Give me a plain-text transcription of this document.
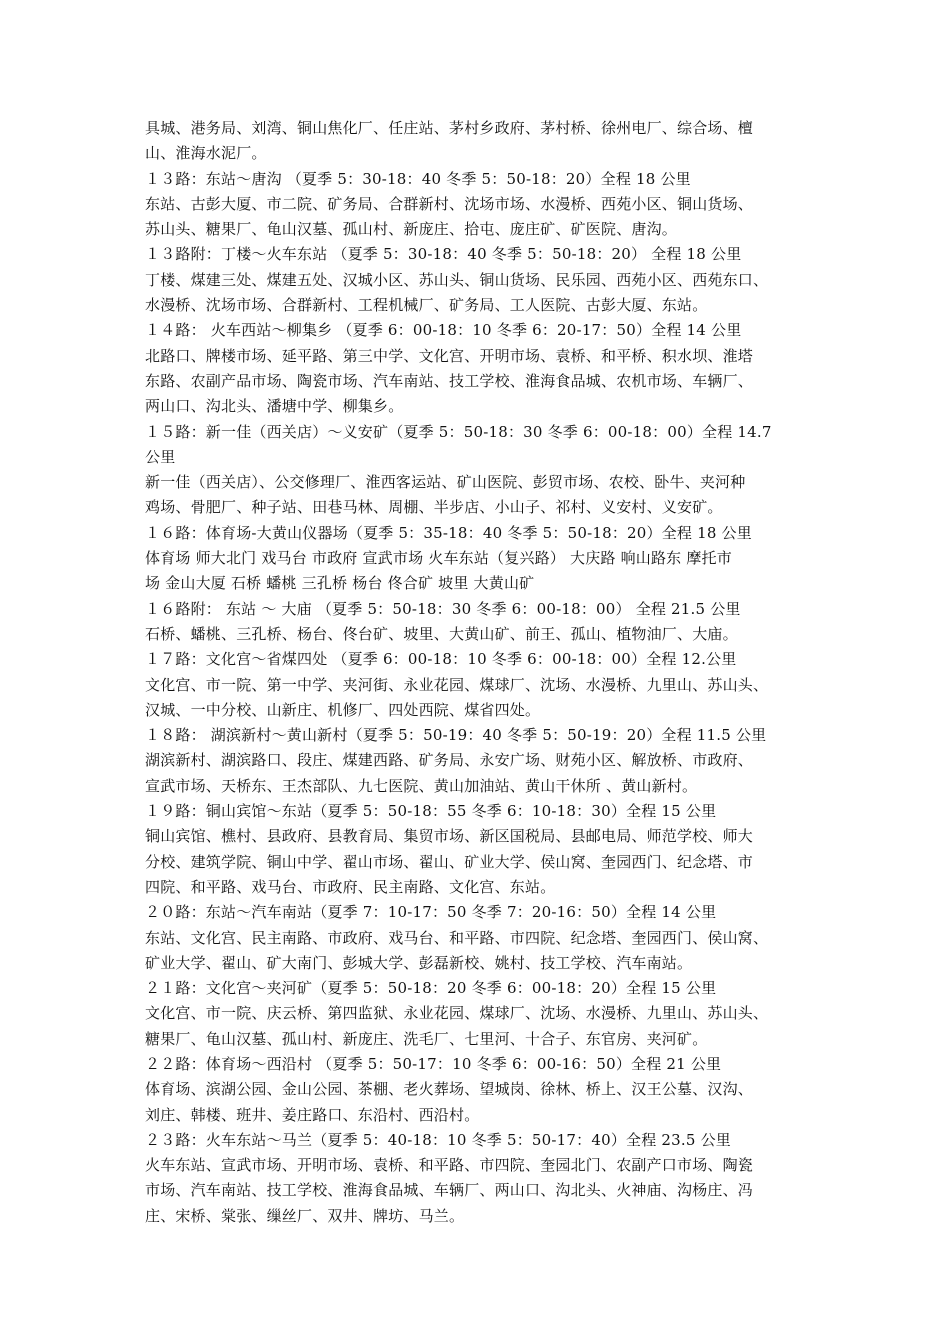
具城、港务局、刘湾、铜山焦化厂、任庄站、茅村乡政府、茅村桥、徐州电厂、综合场、檀
山、淮海水泥厂。
１３路：东站～唐沟 （夏季 5：30-18：40 冬季 5：50-18：20）全程 18 公里
东站、古彭大厦、市二院、矿务局、合群新村、沈场市场、水漫桥、西苑小区、铜山货场、
苏山头、糖果厂、龟山汉墓、孤山村、新庞庄、拾屯、庞庄矿、矿医院、唐沟。
１３路附：丁楼～火车东站 （夏季 5：30-18：40 冬季 5：50-18：20） 全程 18 公里
丁楼、煤建三处、煤建五处、汉城小区、苏山头、铜山货场、民乐园、西苑小区、西苑东口、
水漫桥、沈场市场、合群新村、工程机械厂、矿务局、工人医院、古彭大厦、东站。
１４路： 火车西站～柳集乡 （夏季 6：00-18：10 冬季 6：20-17：50）全程 14 公里
北路口、牌楼市场、延平路、第三中学、文化宫、开明市场、袁桥、和平桥、积水坝、淮塔
东路、农副产品市场、陶瓷市场、汽车南站、技工学校、淮海食品城、农机市场、车辆厂、
两山口、沟北头、潘塘中学、柳集乡。
１５路：新一佳（西关店）～义安矿（夏季 5：50-18：30 冬季 6：00-18：00）全程 14.7
公里
新一佳（西关店）、公交修理厂、淮西客运站、矿山医院、彭贸市场、农校、卧牛、夹河种
鸡场、骨肥厂、种子站、田巷马林、周棚、半步店、小山子、祁村、义安村、义安矿。
１６路：体育场-大黄山仪器场（夏季 5：35-18：40 冬季 5：50-18：20）全程 18 公里
体育场 师大北门 戏马台 市政府 宣武市场 火车东站（复兴路） 大庆路 响山路东 摩托市
场 金山大厦 石桥 蟠桃 三孔桥 杨台 佟合矿 坡里 大黄山矿
１６路附： 东站 ～ 大庙 （夏季 5：50-18：30 冬季 6：00-18：00） 全程 21.5 公里
石桥、蟠桃、三孔桥、杨台、佟台矿、坡里、大黄山矿、前王、孤山、植物油厂、大庙。
１７路：文化宫～省煤四处 （夏季 6：00-18：10 冬季 6：00-18：00）全程 12.公里
文化宫、市一院、第一中学、夹河街、永业花园、煤球厂、沈场、水漫桥、九里山、苏山头、
汉城、一中分校、山新庄、机修厂、四处西院、煤省四处。
１８路： 湖滨新村～黄山新村（夏季 5：50-19：40 冬季 5：50-19：20）全程 11.5 公里
湖滨新村、湖滨路口、段庄、煤建西路、矿务局、永安广场、财苑小区、解放桥、市政府、
宣武市场、天桥东、王杰部队、九七医院、黄山加油站、黄山干休所 、黄山新村。
１９路：铜山宾馆～东站（夏季 5：50-18：55 冬季 6：10-18：30）全程 15 公里
铜山宾馆、樵村、县政府、县教育局、集贸市场、新区国税局、县邮电局、师范学校、师大
分校、建筑学院、铜山中学、翟山市场、翟山、矿业大学、侯山窝、奎园西门、纪念塔、市
四院、和平路、戏马台、市政府、民主南路、文化宫、东站。
２０路：东站～汽车南站（夏季 7：10-17：50 冬季 7：20-16：50）全程 14 公里
东站、文化宫、民主南路、市政府、戏马台、和平路、市四院、纪念塔、奎园西门、侯山窝、
矿业大学、翟山、矿大南门、彭城大学、彭磊新校、姚村、技工学校、汽车南站。
２１路：文化宫～夹河矿（夏季 5：50-18：20 冬季 6：00-18：20）全程 15 公里
文化宫、市一院、庆云桥、第四监狱、永业花园、煤球厂、沈场、水漫桥、九里山、苏山头、
糖果厂、龟山汉墓、孤山村、新庞庄、洗毛厂、七里河、十合子、东官房、夹河矿。
２２路：体育场～西沿村 （夏季 5：50-17：10 冬季 6：00-16：50）全程 21 公里
体育场、滨湖公园、金山公园、茶棚、老火葬场、望城岗、徐林、桥上、汉王公墓、汉沟、
刘庄、韩楼、班井、姜庄路口、东沿村、西沿村。
２３路：火车东站～马兰（夏季 5：40-18：10 冬季 5：50-17：40）全程 23.5 公里
火车东站、宣武市场、开明市场、袁桥、和平路、市四院、奎园北门、农副产口市场、陶瓷
市场、汽车南站、技工学校、淮海食品城、车辆厂、两山口、沟北头、火神庙、沟杨庄、冯
庄、宋桥、棠张、缫丝厂、双井、牌坊、马兰。
